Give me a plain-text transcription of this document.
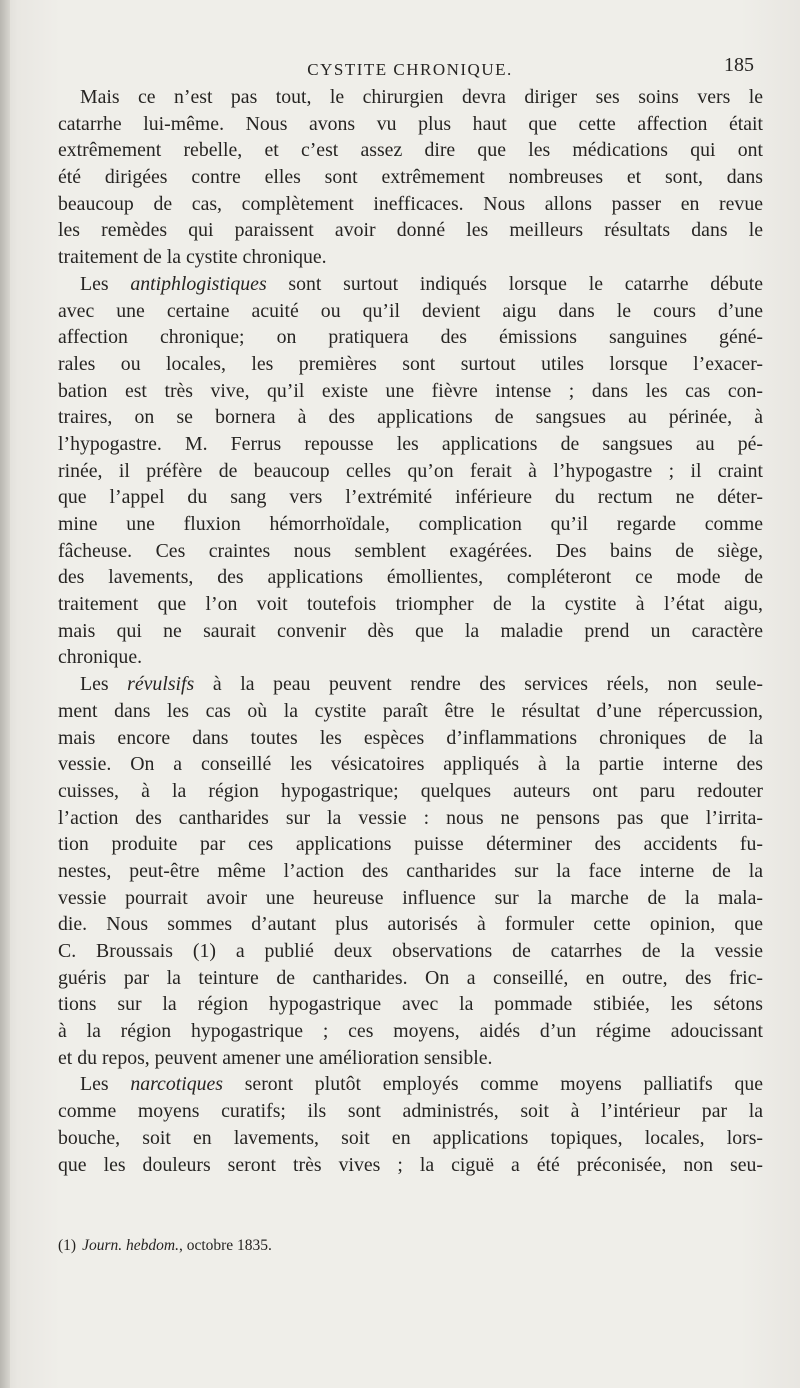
CYSTITE CHRONIQUE.	185
Mais ce n’est pas tout, le chirurgien devra diriger ses soins vers le
catarrhe lui-même. Nous avons vu plus haut que cette affection était
extrêmement rebelle, et c’est assez dire que les médications qui ont
été dirigées contre elles sont extrêmement nombreuses et sont, dans
beaucoup de cas, complètement inefficaces. Nous allons passer en revue
les remèdes qui paraissent avoir donné les meilleurs résultats dans le
traitement de la cystite chronique.
Les antiphlogistiques sont surtout indiqués lorsque le catarrhe débute
avec une certaine acuité ou qu’il devient aigu dans le cours d’une
affection chronique; on pratiquera des émissions sanguines géné-
rales ou locales, les premières sont surtout utiles lorsque l’exacer-
bation est très vive, qu’il existe une fièvre intense ; dans les cas con-
traires, on se bornera à des applications de sangsues au périnée, à
l’hypogastre. M. Ferrus repousse les applications de sangsues au pé-
rinée, il préfère de beaucoup celles qu’on ferait à l’hypogastre ; il craint
que l’appel du sang vers l’extrémité inférieure du rectum ne déter-
mine une fluxion hémorrhoïdale, complication qu’il regarde comme
fâcheuse. Ces craintes nous semblent exagérées. Des bains de siège,
des lavements, des applications émollientes, compléteront ce mode de
traitement que l’on voit toutefois triompher de la cystite à l’état aigu,
mais qui ne saurait convenir dès que la maladie prend un caractère
chronique.
Les révulsifs à la peau peuvent rendre des services réels, non seule-
ment dans les cas où la cystite paraît être le résultat d’une répercussion,
mais encore dans toutes les espèces d’inflammations chroniques de la
vessie. On a conseillé les vésicatoires appliqués à la partie interne des
cuisses, à la région hypogastrique; quelques auteurs ont paru redouter
l’action des cantharides sur la vessie : nous ne pensons pas que l’irrita-
tion produite par ces applications puisse déterminer des accidents fu-
nestes, peut-être même l’action des cantharides sur la face interne de la
vessie pourrait avoir une heureuse influence sur la marche de la mala-
die. Nous sommes d’autant plus autorisés à formuler cette opinion, que
C. Broussais (1) a publié deux observations de catarrhes de la vessie
guéris par la teinture de cantharides. On a conseillé, en outre, des fric-
tions sur la région hypogastrique avec la pommade stibiée, les sétons
à la région hypogastrique ; ces moyens, aidés d’un régime adoucissant
et du repos, peuvent amener une amélioration sensible.
Les narcotiques seront plutôt employés comme moyens palliatifs que
comme moyens curatifs; ils sont administrés, soit à l’intérieur par la
bouche, soit en lavements, soit en applications topiques, locales, lors-
que les douleurs seront très vives ; la ciguë a été préconisée, non seu-
(1) Journ. hebdom., octobre 1835.
